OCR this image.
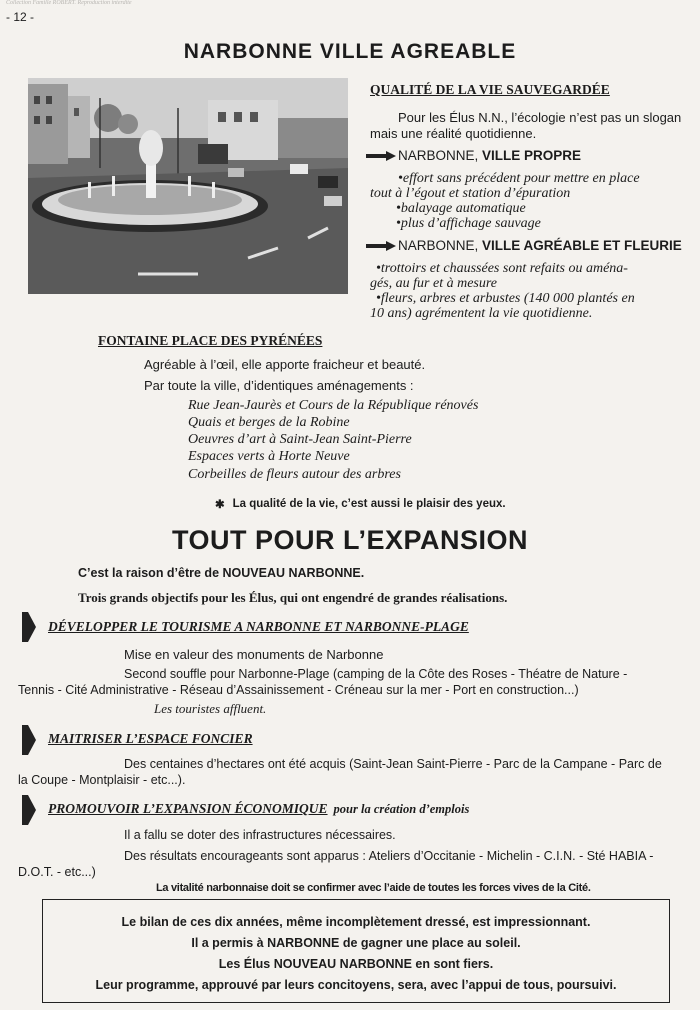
Collection Famille ROBERT. Reproduction interdite
- 12 -
NARBONNE VILLE AGREABLE
QUALITÉ DE LA VIE SAUVEGARDÉE
Pour les Élus N.N., l’écologie n’est pas un slogan
mais une réalité quotidienne.
NARBONNE,
VILLE PROPRE
•effort sans précédent pour mettre en place
tout à l’égout et station d’épuration
•balayage automatique
•plus d’affichage sauvage
NARBONNE,
VILLE AGRÉABLE ET FLEURIE
•trottoirs et chaussées sont refaits ou aména-
gés, au fur et à mesure
•fleurs, arbres et arbustes (140 000 plantés en
10 ans) agrémentent la vie quotidienne.
FONTAINE PLACE DES PYRÉNÉES
Agréable à l’œil, elle apporte fraicheur et beauté.
Par toute la ville, d’identiques aménagements :
Rue Jean-Jaurès et Cours de la République rénovés
Quais et berges de la Robine
Oeuvres d’art à Saint-Jean Saint-Pierre
Espaces verts à Horte Neuve
Corbeilles de fleurs autour des arbres
✱ La qualité de la vie, c’est aussi le plaisir des yeux.
TOUT POUR L’EXPANSION
C’est la raison d’être de NOUVEAU NARBONNE.
Trois grands objectifs pour les Élus, qui ont engendré de grandes réalisations.
DÉVELOPPER LE TOURISME A NARBONNE ET NARBONNE-PLAGE
Mise en valeur des monuments de Narbonne
Second souffle pour Narbonne-Plage (camping de la Côte des Roses - Théatre de Nature -
Tennis - Cité Administrative - Réseau d’Assainissement - Créneau sur la mer - Port en construction...)
Les touristes affluent.
MAITRISER L’ESPACE FONCIER
Des centaines d’hectares ont été acquis (Saint-Jean Saint-Pierre - Parc de la Campane - Parc de
la Coupe - Montplaisir - etc...).
PROMOUVOIR L’EXPANSION ÉCONOMIQUE pour la création d’emplois
Il a fallu se doter des infrastructures nécessaires.
Des résultats encourageants sont apparus : Ateliers d’Occitanie - Michelin - C.I.N. - Sté HABIA -
D.O.T. - etc...)
La vitalité narbonnaise doit se confirmer avec l’aide de toutes les forces vives de la Cité.
Le bilan de ces dix années, même incomplètement dressé, est impressionnant.
Il a permis à NARBONNE de gagner une place au soleil.
Les Élus NOUVEAU NARBONNE en sont fiers.
Leur programme, approuvé par leurs concitoyens, sera, avec l’appui de tous, poursuivi.
